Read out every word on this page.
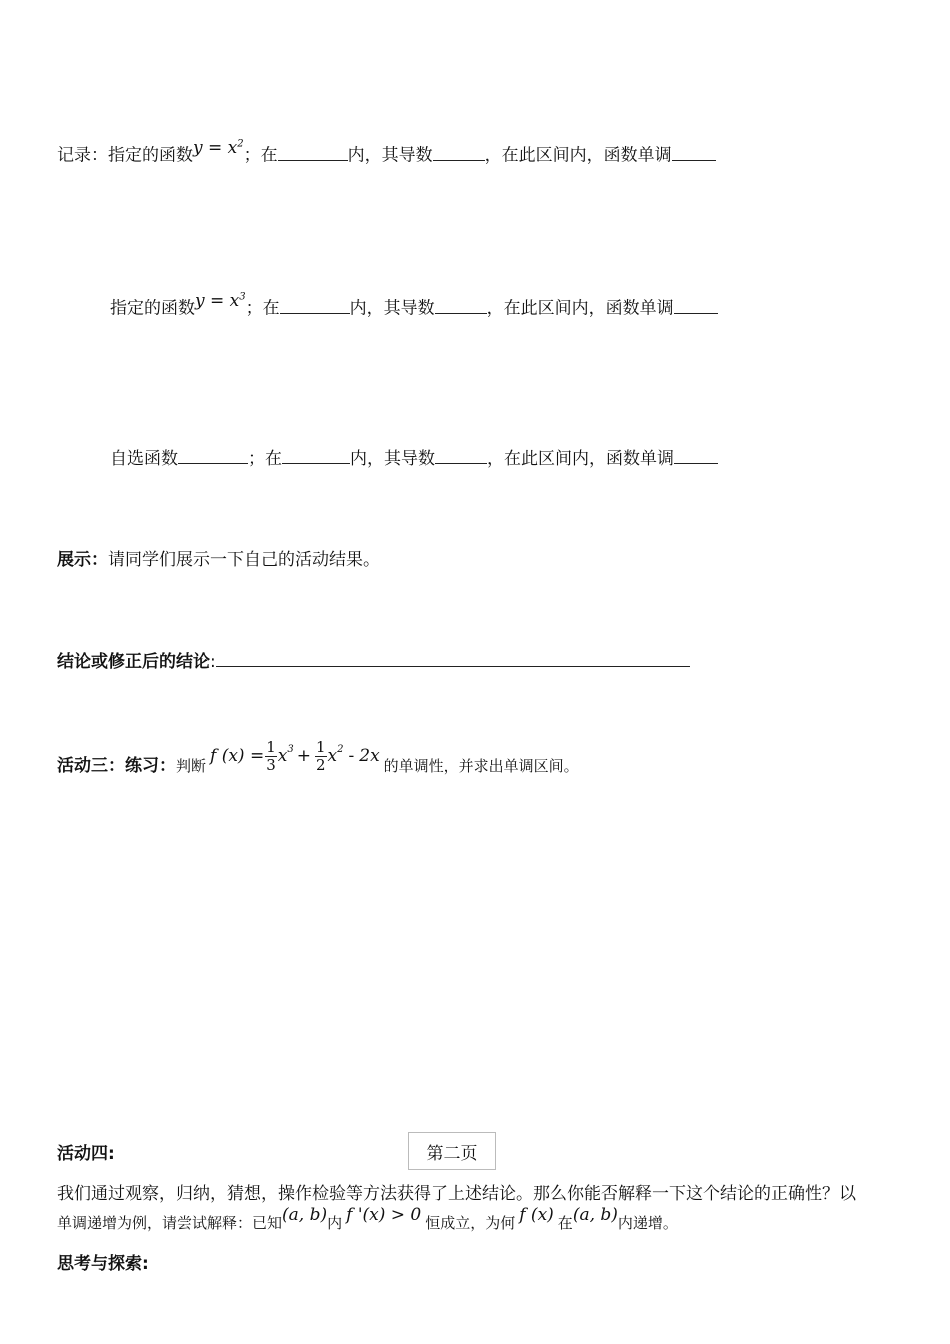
记录：指定的函数$y = x^2$；在	内，其导数	，在此区间内，函数单调
指定的函数$y = x^3$；在	内，其导数	，在此区间内，函数单调
自选函数	；在	内，其导数	，在此区间内，函数单调
展示：请同学们展示一下自己的活动结果。
结论或修正后的结论:
活动三：练习： 判断 f $(x) = \frac{1}{3} x^3 + \frac{1}{2} x^2 - 2x$ 的单调性，并求出单调区间。
活动四:	第二页
我们通过观察，归纳，猜想，操作检验等方法获得了上述结论。那么你能否解释一下这个结论的正确性？以
单调递增为例，请尝试解释：已知(a, b)内 f '(x) > 0 恒成立，为何 f (x) 在(a, b)内递增。
思考与探索:
